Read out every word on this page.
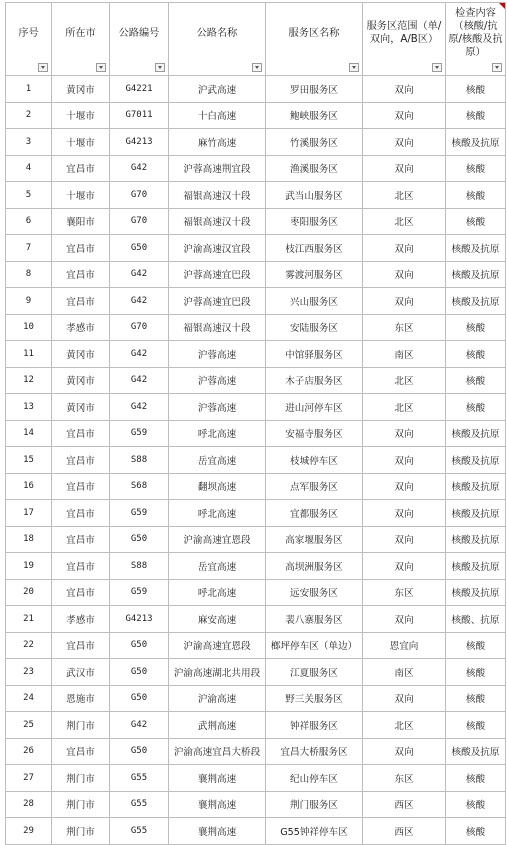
序号	所在市	公路编号	公路名称	服务区名称	服务区范围（单/双向，A/B区）	检查内容（核酸/抗原/核酸及抗原）

1	黄冈市	G4221	沪武高速	罗田服务区	双向	核酸
2	十堰市	G7011	十白高速	鲍峡服务区	双向	核酸
3	十堰市	G4213	麻竹高速	竹溪服务区	双向	核酸及抗原
4	宜昌市	G42	沪蓉高速荆宜段	渔溪服务区	双向	核酸
5	十堰市	G70	福银高速汉十段	武当山服务区	北区	核酸
6	襄阳市	G70	福银高速汉十段	枣阳服务区	北区	核酸
7	宜昌市	G50	沪渝高速汉宜段	枝江西服务区	双向	核酸及抗原
8	宜昌市	G42	沪蓉高速宜巴段	雾渡河服务区	双向	核酸及抗原
9	宜昌市	G42	沪蓉高速宜巴段	兴山服务区	双向	核酸及抗原
10	孝感市	G70	福银高速汉十段	安陆服务区	东区	核酸
11	黄冈市	G42	沪蓉高速	中馆驿服务区	南区	核酸
12	黄冈市	G42	沪蓉高速	木子店服务区	北区	核酸
13	黄冈市	G42	沪蓉高速	进山河停车区	北区	核酸
14	宜昌市	G59	呼北高速	安福寺服务区	双向	核酸及抗原
15	宜昌市	S88	岳宜高速	枝城停车区	双向	核酸及抗原
16	宜昌市	S68	翻坝高速	点军服务区	双向	核酸及抗原
17	宜昌市	G59	呼北高速	宜都服务区	双向	核酸及抗原
18	宜昌市	G50	沪渝高速宜恩段	高家堰服务区	双向	核酸及抗原
19	宜昌市	S88	岳宜高速	高坝洲服务区	双向	核酸及抗原
20	宜昌市	G59	呼北高速	远安服务区	东区	核酸及抗原
21	孝感市	G4213	麻安高速	裴八寨服务区	双向	核酸、抗原
22	宜昌市	G50	沪渝高速宜恩段	榔坪停车区（单边）	恩宜向	核酸
23	武汉市	G50	沪渝高速湖北共用段	江夏服务区	南区	核酸
24	恩施市	G50	沪渝高速	野三关服务区	双向	核酸
25	荆门市	G42	武荆高速	钟祥服务区	北区	核酸
26	宜昌市	G50	沪渝高速宜昌大桥段	宜昌大桥服务区	双向	核酸及抗原
27	荆门市	G55	襄荆高速	纪山停车区	东区	核酸
28	荆门市	G55	襄荆高速	荆门服务区	西区	核酸
29	荆门市	G55	襄荆高速	G55钟祥停车区	西区	核酸
